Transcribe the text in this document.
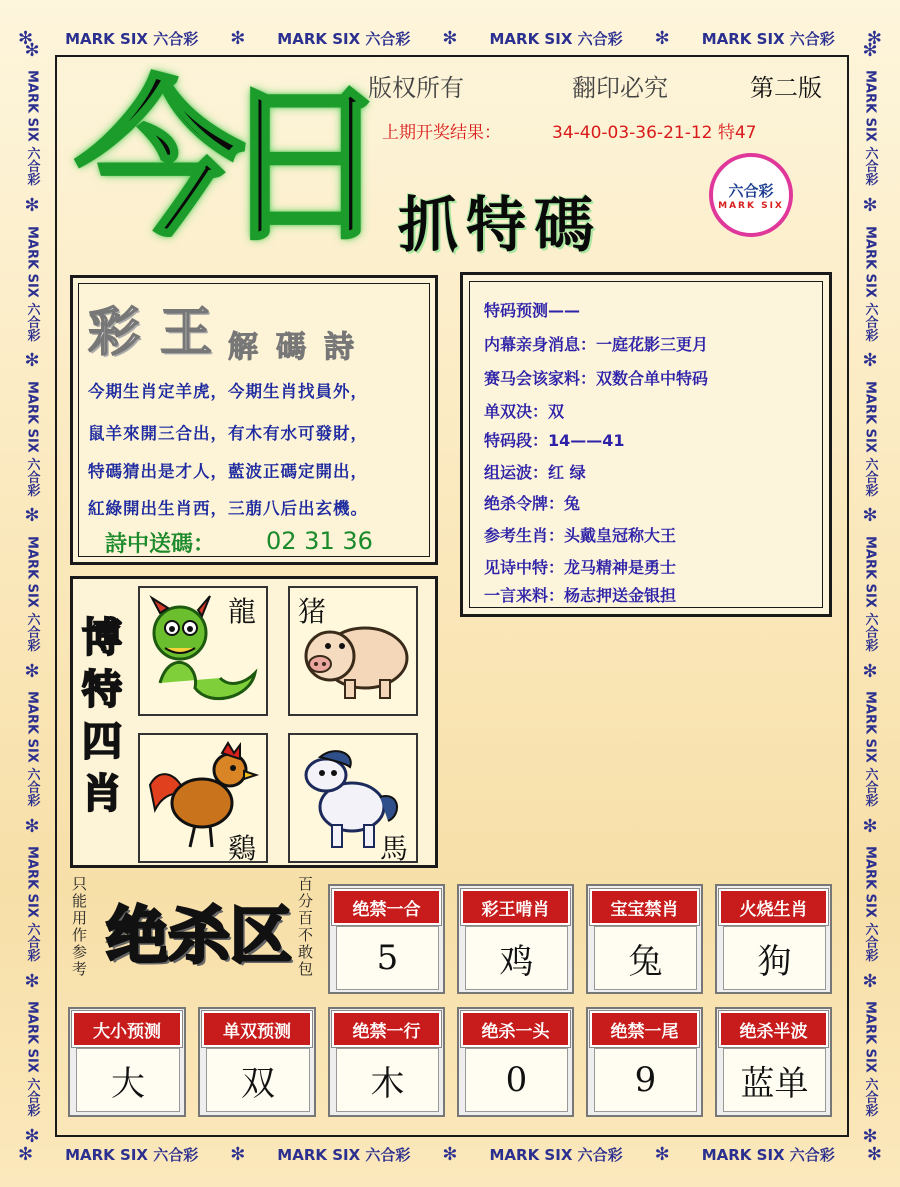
✻ MARK SIX 六合彩 ✻ MARK SIX 六合彩 ✻ MARK SIX 六合彩 ✻ MARK SIX 六合彩 ✻
✻ MARK SIX 六合彩 ✻ MARK SIX 六合彩 ✻ MARK SIX 六合彩 ✻ MARK SIX 六合彩 ✻
✻
MARK SIX 六合彩
✻
MARK SIX 六合彩
✻
MARK SIX 六合彩
✻
MARK SIX 六合彩
✻
MARK SIX 六合彩
✻
MARK SIX 六合彩
✻
MARK SIX 六合彩
✻
✻
MARK SIX 六合彩
✻
MARK SIX 六合彩
✻
MARK SIX 六合彩
✻
MARK SIX 六合彩
✻
MARK SIX 六合彩
✻
MARK SIX 六合彩
✻
MARK SIX 六合彩
✻
版权所有	翻印必究	第二版
上期开奖结果：	34-40-03-36-21-12 特47
今
日 抓特碼
六合彩
MARK SIX
彩王
解碼詩
今期生肖定羊虎，今期生肖找員外，
鼠羊來開三合出，有木有水可發財，
特碼猜出是才人，藍波正碼定開出，
紅綠開出生肖西，三萠八后出玄機。
詩中送碼： 02 31 36
特码预测——
内幕亲身消息：一庭花影三更月
赛马会该家料：双数合单中特码
单双决：双
特码段：14——41
组运波：红 绿
绝杀令牌：兔
参考生肖：头戴皇冠称大王
见诗中特：龙马精神是勇士
一言来料：杨志押送金银担
博
特
四
肖
龍 猪
鷄	馬
只能用作参考 绝杀区
百分百不敢包
绝禁一合
5
彩王啃肖
鸡
宝宝禁肖
兔
火烧生肖
狗
大小预测
大
单双预测
双
绝禁一行
木
绝杀一头
0
绝禁一尾
9
绝杀半波
蓝单
